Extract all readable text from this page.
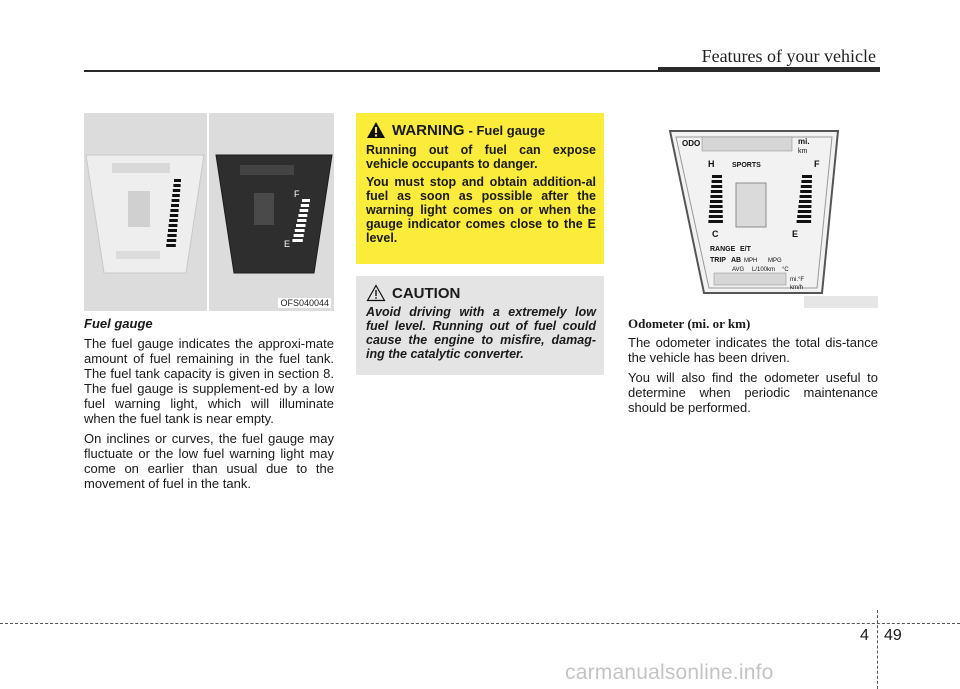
Features of your vehicle
F
E
OFS040044

Fuel gauge

The fuel gauge indicates the approxi-mate amount of fuel remaining in the fuel tank. The fuel tank capacity is given in section 8. The fuel gauge is supplement-ed by a low fuel warning light, which will illuminate when the fuel tank is near empty.

On inclines or curves, the fuel gauge may fluctuate or the low fuel warning light may come on earlier than usual due to the movement of fuel in the tank.

WARNING - Fuel gauge

Running out of fuel can expose vehicle occupants to danger.

You must stop and obtain addition-al fuel as soon as possible after the warning light comes on or when the gauge indicator comes close to the E level.

CAUTION

Avoid driving with a extremely low fuel level. Running out of fuel could cause the engine to misfire, damag-ing the catalytic converter.

ODO	mi.
km
H	SPORTS	F
C	E
RANGE E/T
TRIP AB MPH MPG
AVG L/100km °C
mi.°F
km/h

Odometer (mi. or km)

The odometer indicates the total dis-tance the vehicle has been driven.

You will also find the odometer useful to determine when periodic maintenance should be performed.

4 49
carmanualsonline.info
